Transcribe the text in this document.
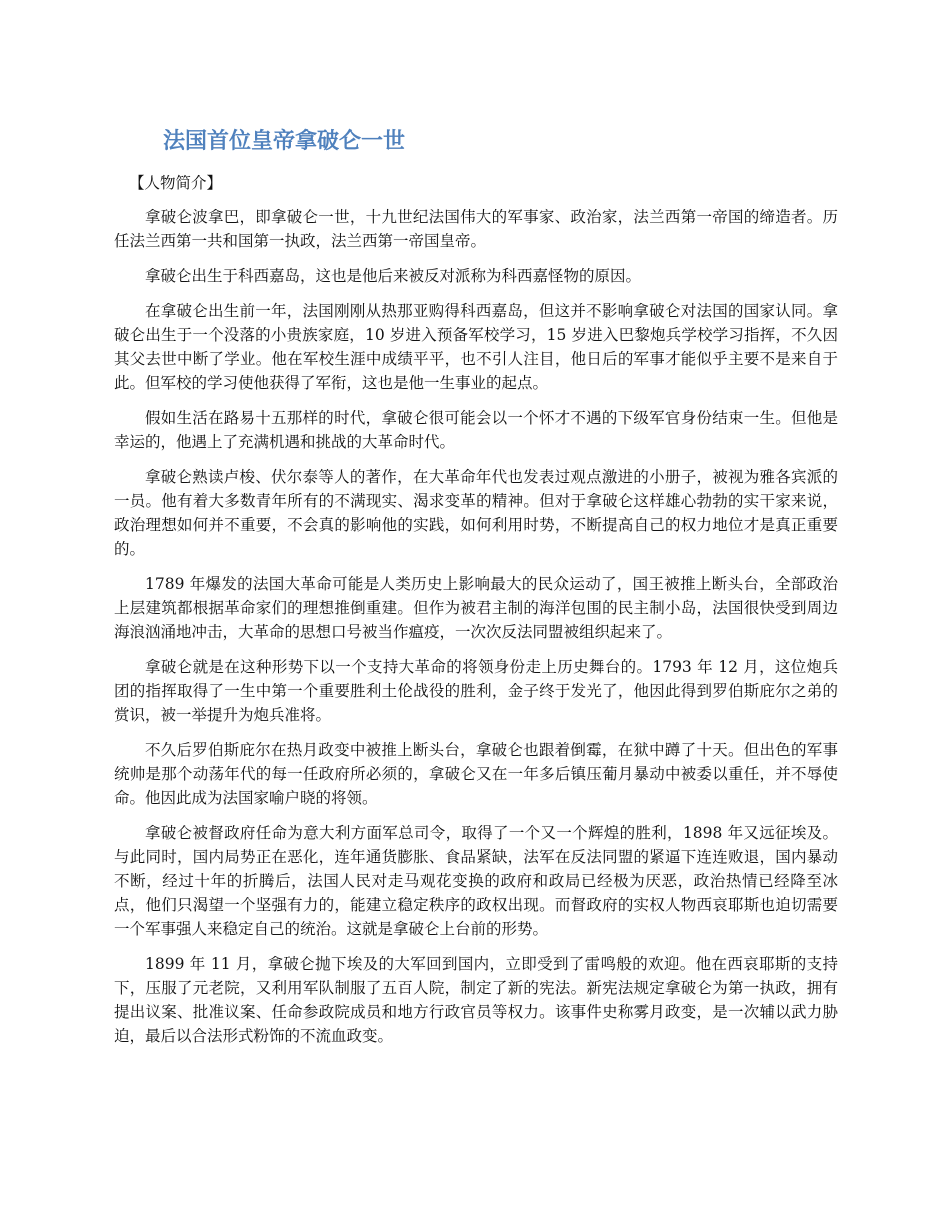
法国首位皇帝拿破仑一世

【人物简介】

拿破仑波拿巴，即拿破仑一世，十九世纪法国伟大的军事家、政治家，法兰西第一帝国的缔造者。历任法兰西第一共和国第一执政，法兰西第一帝国皇帝。

拿破仑出生于科西嘉岛，这也是他后来被反对派称为科西嘉怪物的原因。

在拿破仑出生前一年，法国刚刚从热那亚购得科西嘉岛，但这并不影响拿破仑对法国的国家认同。拿破仑出生于一个没落的小贵族家庭，10 岁进入预备军校学习，15 岁进入巴黎炮兵学校学习指挥，不久因其父去世中断了学业。他在军校生涯中成绩平平，也不引人注目，他日后的军事才能似乎主要不是来自于此。但军校的学习使他获得了军衔，这也是他一生事业的起点。

假如生活在路易十五那样的时代，拿破仑很可能会以一个怀才不遇的下级军官身份结束一生。但他是幸运的，他遇上了充满机遇和挑战的大革命时代。

拿破仑熟读卢梭、伏尔泰等人的著作，在大革命年代也发表过观点激进的小册子，被视为雅各宾派的一员。他有着大多数青年所有的不满现实、渴求变革的精神。但对于拿破仑这样雄心勃勃的实干家来说，政治理想如何并不重要，不会真的影响他的实践，如何利用时势，不断提高自己的权力地位才是真正重要的。

1789 年爆发的法国大革命可能是人类历史上影响最大的民众运动了，国王被推上断头台，全部政治上层建筑都根据革命家们的理想推倒重建。但作为被君主制的海洋包围的民主制小岛，法国很快受到周边海浪汹涌地冲击，大革命的思想口号被当作瘟疫，一次次反法同盟被组织起来了。

拿破仑就是在这种形势下以一个支持大革命的将领身份走上历史舞台的。1793 年 12 月，这位炮兵团的指挥取得了一生中第一个重要胜利土伦战役的胜利，金子终于发光了，他因此得到罗伯斯庇尔之弟的赏识，被一举提升为炮兵准将。

不久后罗伯斯庇尔在热月政变中被推上断头台，拿破仑也跟着倒霉，在狱中蹲了十天。但出色的军事统帅是那个动荡年代的每一任政府所必须的，拿破仑又在一年多后镇压葡月暴动中被委以重任，并不辱使命。他因此成为法国家喻户晓的将领。

拿破仑被督政府任命为意大利方面军总司令，取得了一个又一个辉煌的胜利，1898 年又远征埃及。与此同时，国内局势正在恶化，连年通货膨胀、食品紧缺，法军在反法同盟的紧逼下连连败退，国内暴动不断，经过十年的折腾后，法国人民对走马观花变换的政府和政局已经极为厌恶，政治热情已经降至冰点，他们只渴望一个坚强有力的，能建立稳定秩序的政权出现。而督政府的实权人物西哀耶斯也迫切需要一个军事强人来稳定自己的统治。这就是拿破仑上台前的形势。

1899 年 11 月，拿破仑抛下埃及的大军回到国内，立即受到了雷鸣般的欢迎。他在西哀耶斯的支持下，压服了元老院，又利用军队制服了五百人院，制定了新的宪法。新宪法规定拿破仑为第一执政，拥有提出议案、批准议案、任命参政院成员和地方行政官员等权力。该事件史称雾月政变，是一次辅以武力胁迫，最后以合法形式粉饰的不流血政变。
